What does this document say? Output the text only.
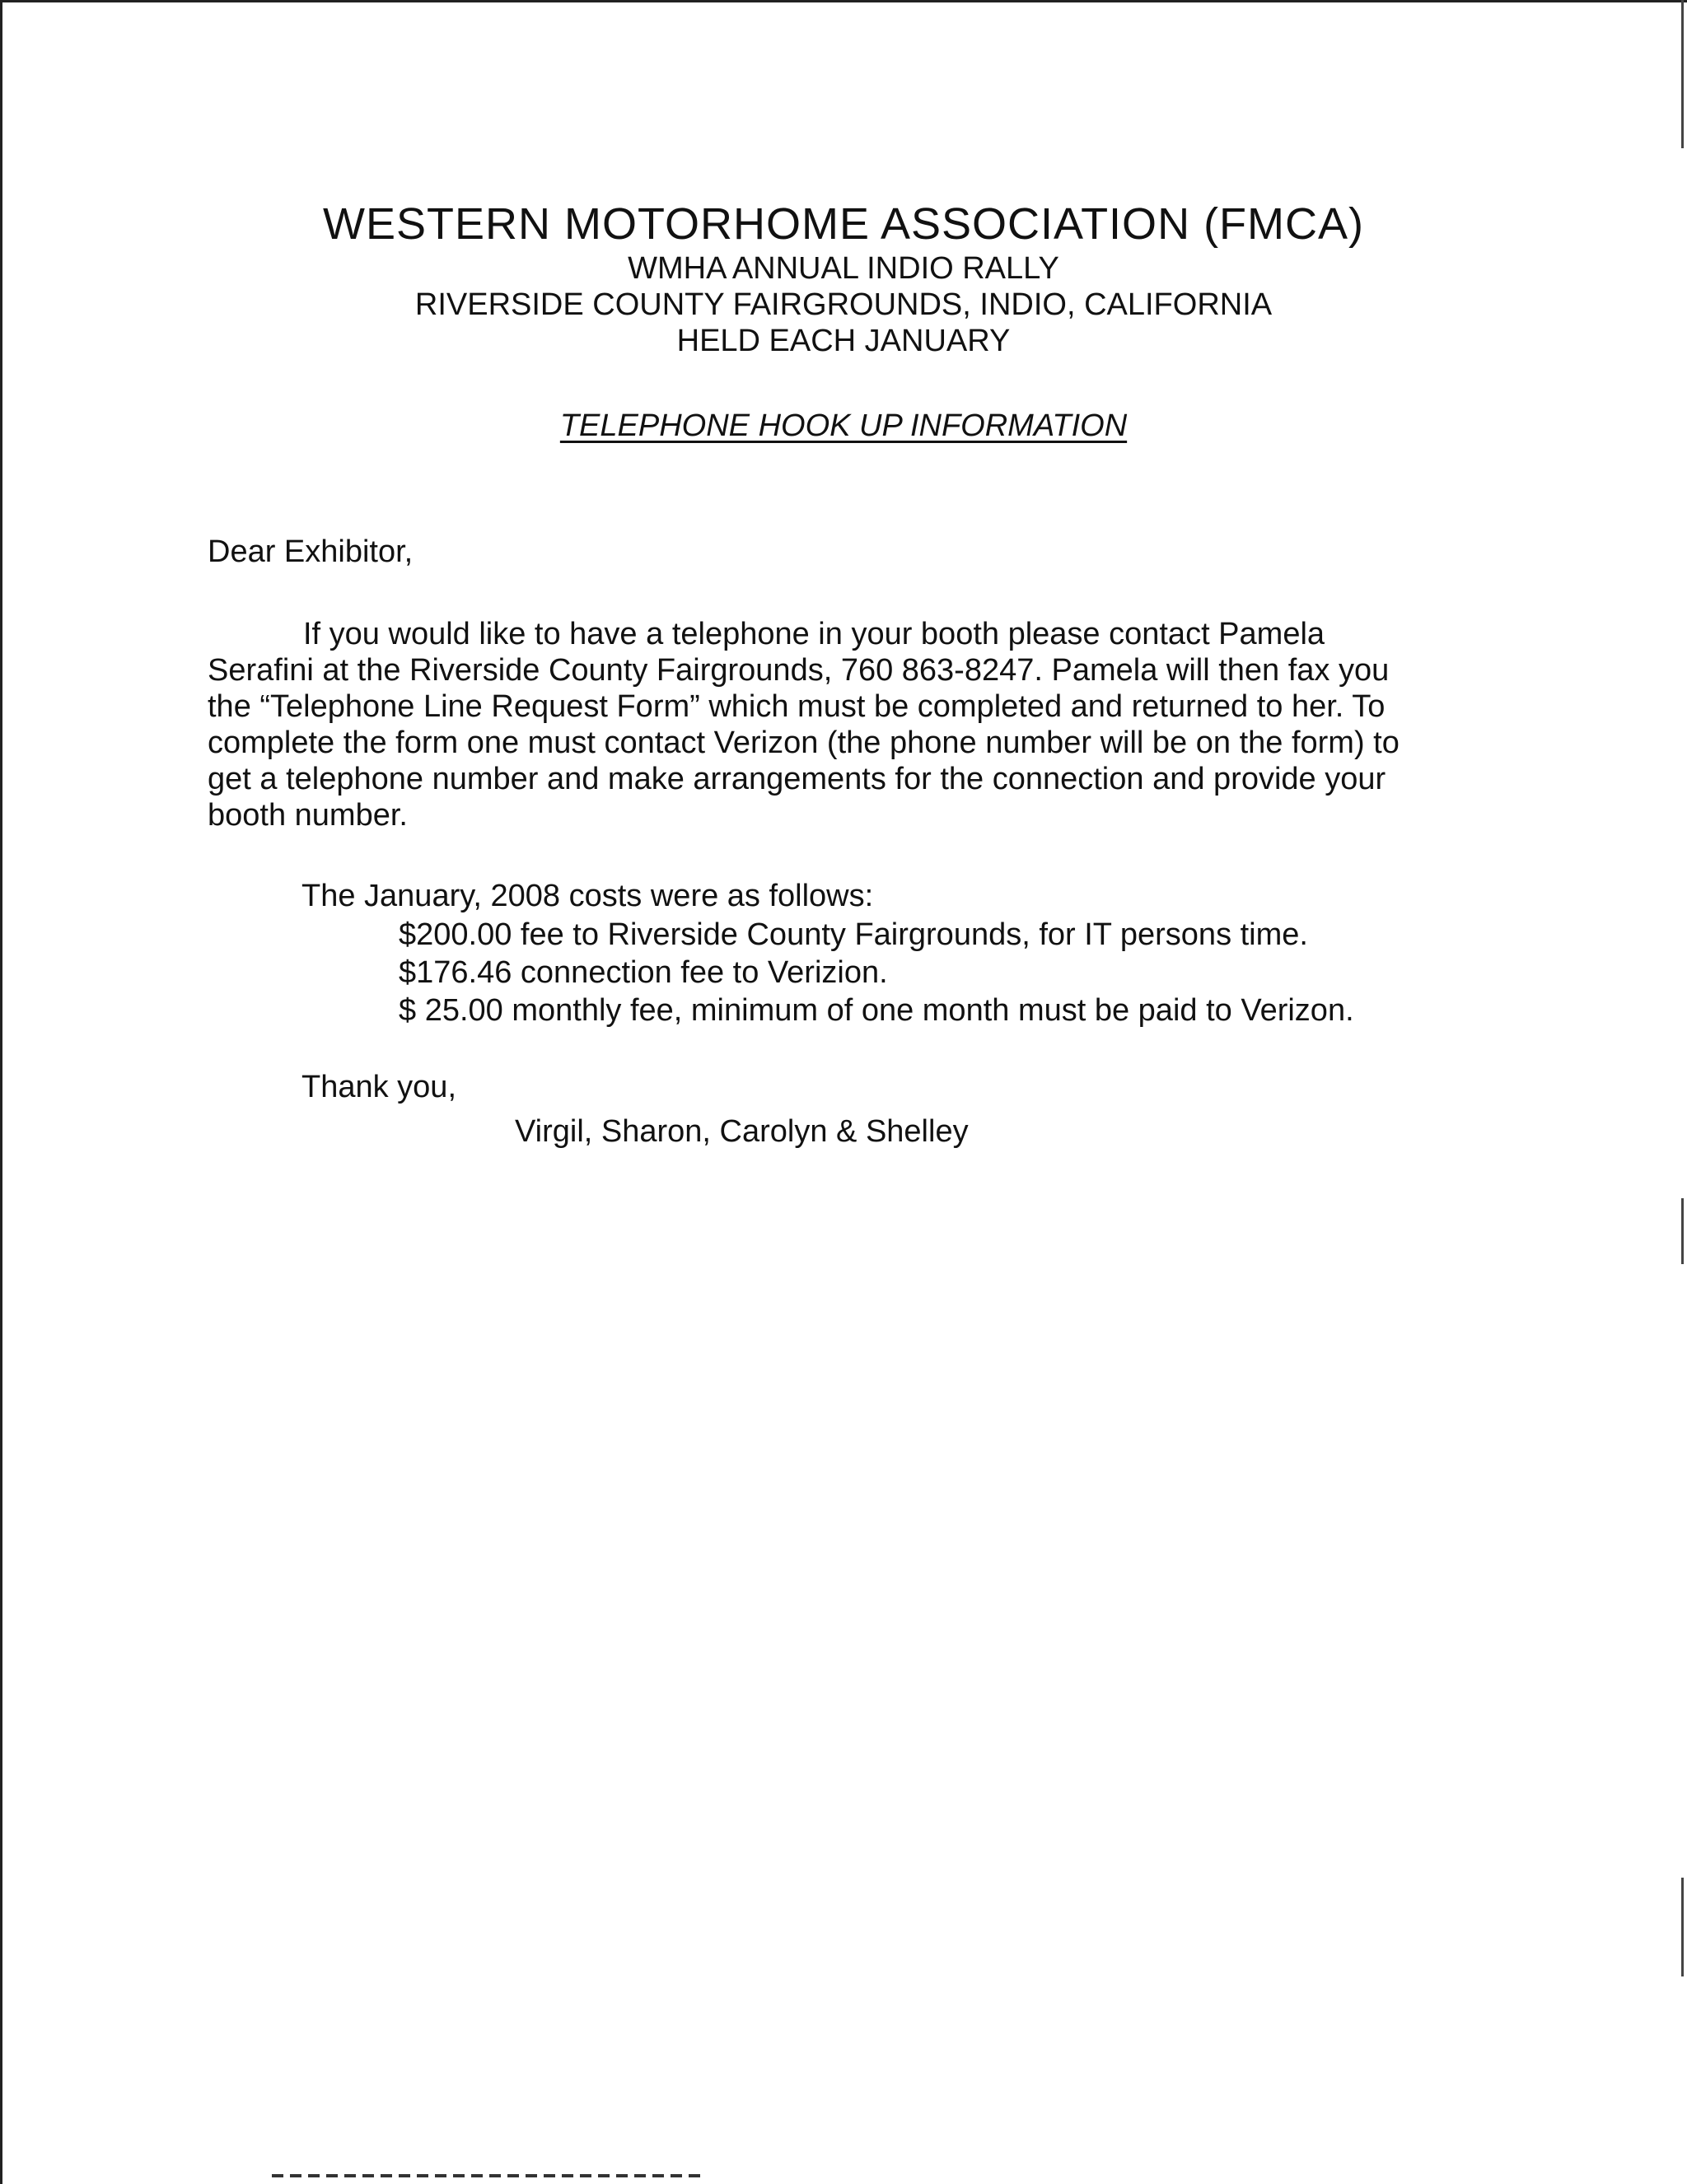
WESTERN MOTORHOME ASSOCIATION (FMCA)

WMHA ANNUAL INDIO RALLY

RIVERSIDE COUNTY FAIRGROUNDS, INDIO, CALIFORNIA

HELD EACH JANUARY

TELEPHONE HOOK UP INFORMATION
Dear Exhibitor,
If you would like to have a telephone in your booth please contact Pamela
Serafini at the Riverside County Fairgrounds, 760 863-8247. Pamela will then fax you
the “Telephone Line Request Form” which must be completed and returned to her. To
complete the form one must contact Verizon (the phone number will be on the form) to
get a telephone number and make arrangements for the connection and provide your
booth number.
The January, 2008 costs were as follows:
$200.00 fee to Riverside County Fairgrounds, for IT persons time.
$176.46 connection fee to Verizion.
$ 25.00 monthly fee, minimum of one month must be paid to Verizon.
Thank you,
Virgil, Sharon, Carolyn & Shelley
